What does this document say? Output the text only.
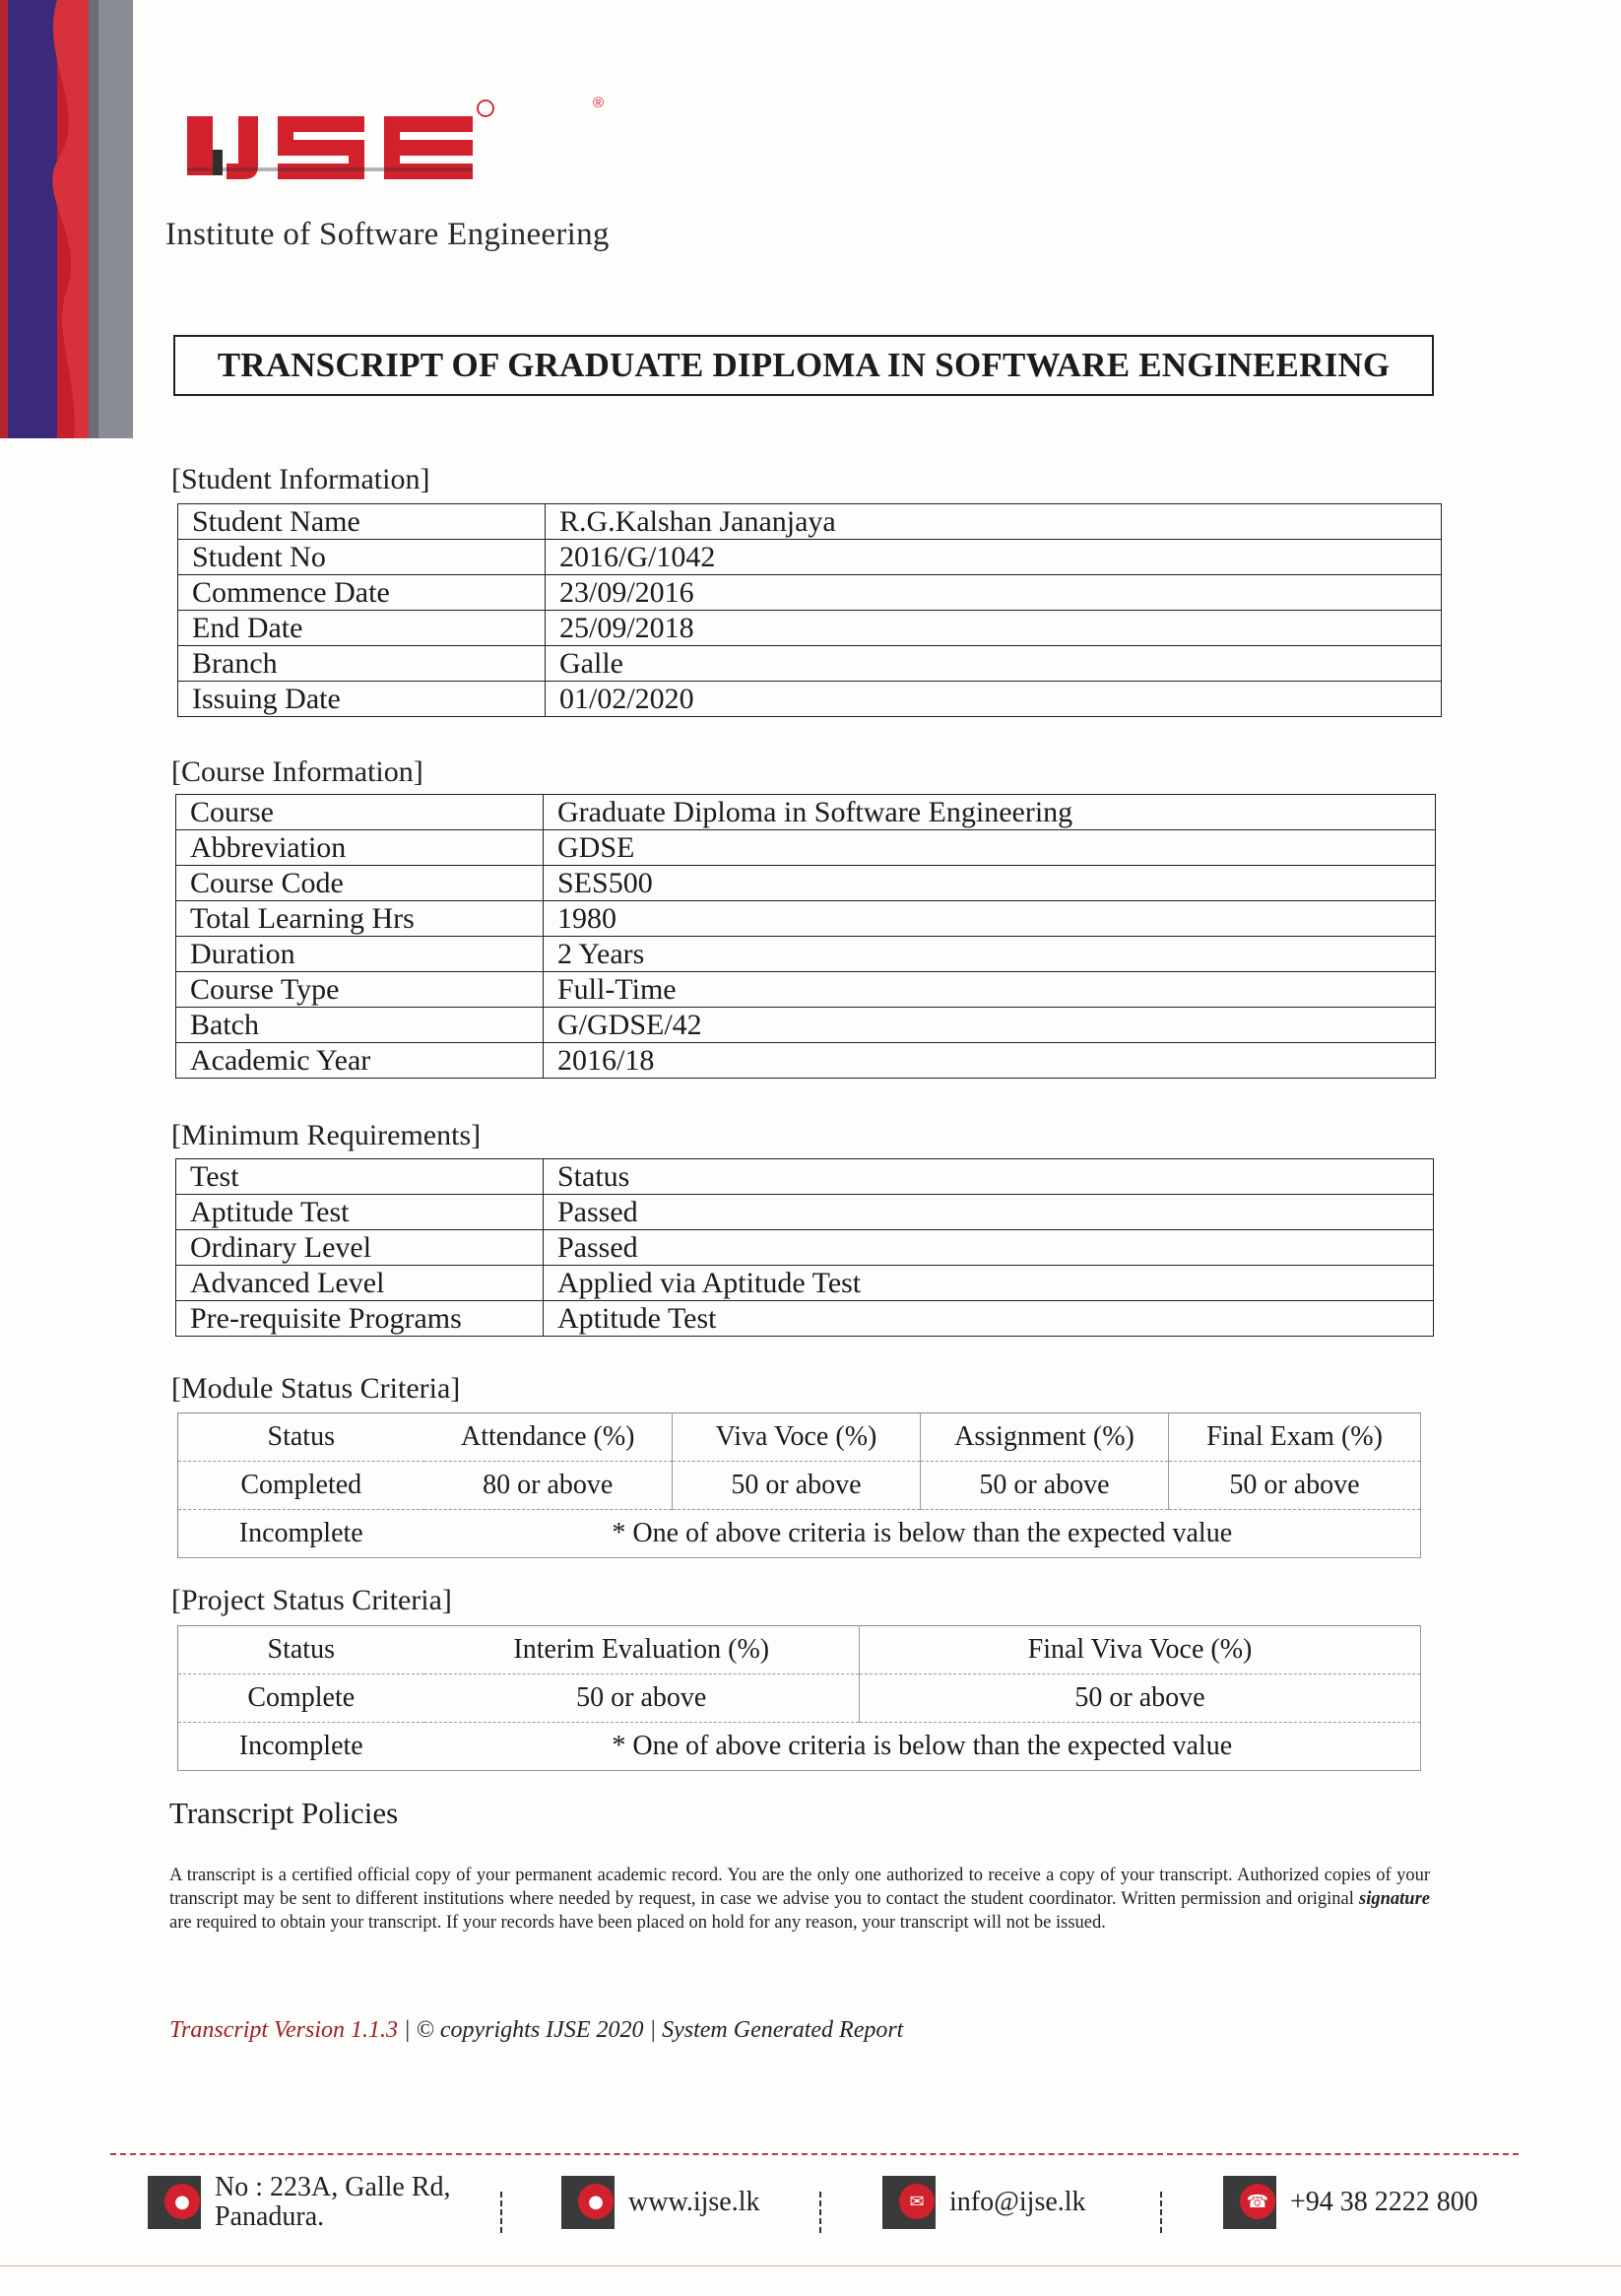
®
Institute of Software Engineering
TRANSCRIPT OF GRADUATE DIPLOMA IN SOFTWARE ENGINEERING
[Student Information]
Student Name	R.G.Kalshan Jananjaya
Student No	2016/G/1042
Commence Date	23/09/2016
End Date	25/09/2018
Branch	Galle
Issuing Date	01/02/2020
[Course Information]
Course	Graduate Diploma in Software Engineering
Abbreviation	GDSE
Course Code	SES500
Total Learning Hrs	1980
Duration	2 Years
Course Type	Full-Time
Batch	G/GDSE/42
Academic Year	2016/18
[Minimum Requirements]
Test	Status
Aptitude Test	Passed
Ordinary Level	Passed
Advanced Level	Applied via Aptitude Test
Pre-requisite Programs	Aptitude Test
[Module Status Criteria]
Status	Attendance (%)	Viva Voce (%)	Assignment (%)	Final Exam (%)
Completed	80 or above	50 or above	50 or above	50 or above
Incomplete	* One of above criteria is below than the expected value			
[Project Status Criteria]
Status	Interim Evaluation (%)	Final Viva Voce (%)
Complete	50 or above	50 or above
Incomplete	* One of above criteria is below than the expected value	
Transcript Policies
A transcript is a certified official copy of your permanent academic record. You are the only one authorized to receive a copy of your transcript. Authorized copies of your transcript may be sent to different institutions where needed by request, in case we advise you to contact the student coordinator. Written permission and original signature are required to obtain your transcript. If your records have been placed on hold for any reason, your transcript will not be issued.
Transcript Version 1.1.3 | © copyrights IJSE 2020 | System Generated Report
● No : 223A, Galle Rd,
Panadura.	● www.ijse.lk	✉ info@ijse.lk	☎ +94 38 2222 800
